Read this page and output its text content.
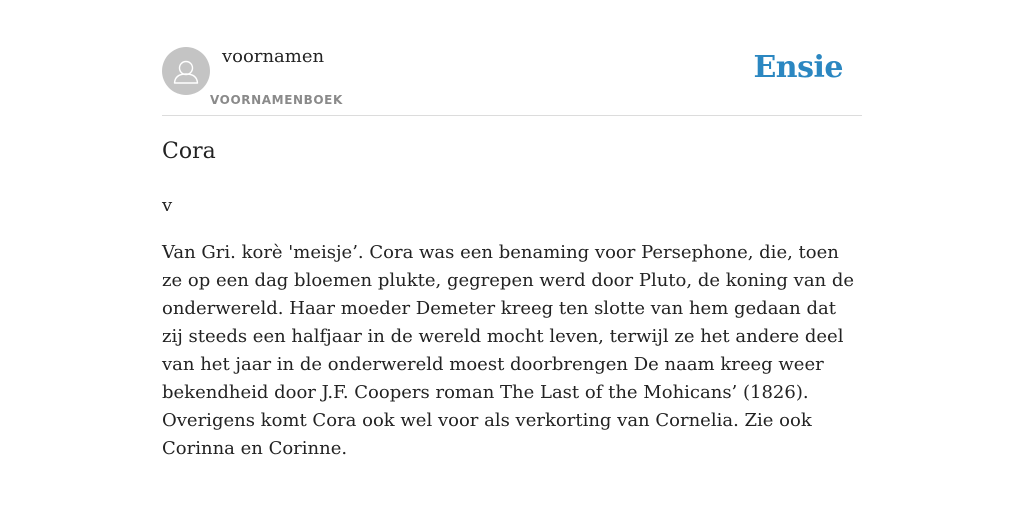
voornamen
VOORNAMENBOEK
Ensie
Cora
v

Van Gri. korè 'meisje’. Cora was een benaming voor Persephone, die, toen ze op een dag bloemen plukte, gegrepen werd door Pluto, de koning van de onderwereld. Haar moeder Demeter kreeg ten slotte van hem gedaan dat zij steeds een halfjaar in de wereld mocht leven, terwijl ze het andere deel van het jaar in de onderwereld moest doorbrengen De naam kreeg weer bekendheid door J.F. Coopers roman The Last of the Mohicans’ (1826). Overigens komt Cora ook wel voor als verkorting van Cornelia. Zie ook Corinna en Corinne.
